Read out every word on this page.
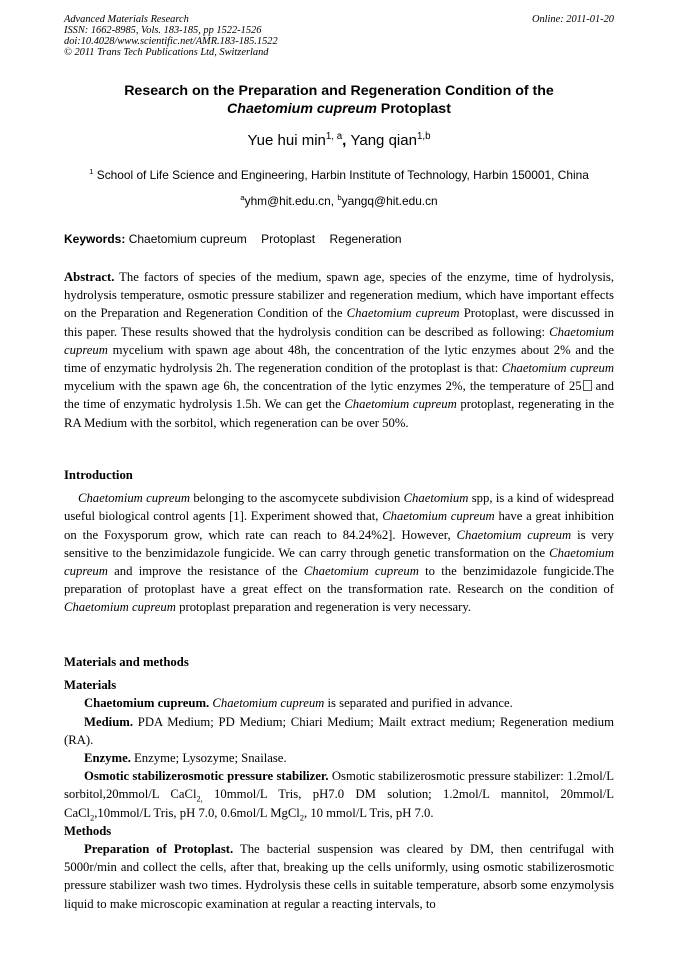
Advanced Materials Research
ISSN: 1662-8985, Vols. 183-185, pp 1522-1526
doi:10.4028/www.scientific.net/AMR.183-185.1522
© 2011 Trans Tech Publications Ltd, Switzerland
Online: 2011-01-20
Research on the Preparation and Regeneration Condition of the
Chaetomium cupreum Protoplast
Yue hui $\min^{1, a}$, Yang qian$^{1,b}$
$^1$ School of Life Science and Engineering, Harbin Institute of Technology, Harbin 150001, China
$^a$yhm@hit.edu.cn, $^b$yangq@hit.edu.cn
Keywords: Chaetomium cupreum Protoplast Regeneration

Abstract. The factors of species of the medium, spawn age, species of the enzyme, time of hydrolysis, hydrolysis temperature, osmotic pressure stabilizer and regeneration medium, which have important effects on the Preparation and Regeneration Condition of the Chaetomium cupreum Protoplast, were discussed in this paper. These results showed that the hydrolysis condition can be described as following: Chaetomium cupreum mycelium with spawn age about 48h, the concentration of the lytic enzymes about 2% and the time of enzymatic hydrolysis 2h. The regeneration condition of the protoplast is that: Chaetomium cupreum mycelium with the spawn age 6h, the concentration of the lytic enzymes 2%, the temperature of 25 and the time of enzymatic hydrolysis 1.5h. We can get the Chaetomium cupreum protoplast, regenerating in the RA Medium with the sorbitol, which regeneration can be over 50%.

Introduction

Chaetomium cupreum belonging to the ascomycete subdivision Chaetomium spp, is a kind of widespread useful biological control agents [1]. Experiment showed that, Chaetomium cupreum have a great inhibition on the Foxysporum grow, which rate can reach to 84.24%2]. However, Chaetomium cupreum is very sensitive to the benzimidazole fungicide. We can carry through genetic transformation on the Chaetomium cupreum and improve the resistance of the Chaetomium cupreum to the benzimidazole fungicide.The preparation of protoplast have a great effect on the transformation rate. Research on the condition of Chaetomium cupreum protoplast preparation and regeneration is very necessary.

Materials and methods

Materials

Chaetomium cupreum. Chaetomium cupreum is separated and purified in advance.

Medium. PDA Medium; PD Medium; Chiari Medium; Mailt extract medium; Regeneration medium (RA).

Enzyme. Enzyme; Lysozyme; Snailase.

Osmotic stabilizerosmotic pressure stabilizer. Osmotic stabilizerosmotic pressure stabilizer: 1.2mol/L sorbitol,20mmol/L CaCl$_{2,}$ 10mmol/L Tris, pH7.0 DM solution; 1.2mol/L mannitol, 20mmol/L CaCl$_2$,10mmol/L Tris, pH 7.0, 0.6mol/L MgCl$_2$, 10 mmol/L Tris, pH 7.0.

Methods

Preparation of Protoplast. The bacterial suspension was cleared by DM, then centrifugal with 5000r/min and collect the cells, after that, breaking up the cells uniformly, using osmotic stabilizerosmotic pressure stabilizer wash two times. Hydrolysis these cells in suitable temperature, absorb some enzymolysis liquid to make microscopic examination at regular a reacting intervals, to
